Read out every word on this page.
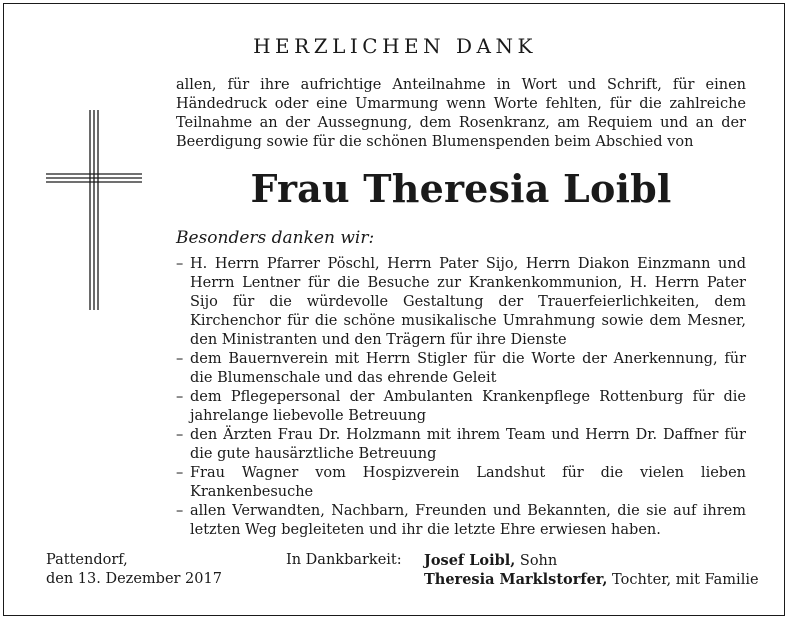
HERZLICHEN DANK
allen, für ihre aufrichtige Anteilnahme in Wort und Schrift, für einen Händedruck oder eine Umarmung wenn Worte fehlten, für die zahlreiche Teilnahme an der Aussegnung, dem Rosenkranz, am Requiem und an der Beerdigung sowie für die schönen Blumenspenden beim Abschied von
Frau Theresia Loibl
Besonders danken wir:
– H. Herrn Pfarrer Pöschl, Herrn Pater Sijo, Herrn Diakon Einzmann und Herrn Lentner für die Besuche zur Krankenkommunion, H. Herrn Pater Sijo für die würdevolle Gestaltung der Trauerfeierlichkeiten, dem Kirchenchor für die schöne musikalische Umrahmung sowie dem Mesner, den Ministranten und den Trägern für ihre Dienste
– dem Bauernverein mit Herrn Stigler für die Worte der Anerkennung, für die Blumenschale und das ehrende Geleit
– dem Pflegepersonal der Ambulanten Krankenpflege Rottenburg für die jahrelange liebevolle Betreuung
– den Ärzten Frau Dr. Holzmann mit ihrem Team und Herrn Dr. Daffner für die gute hausärztliche Betreuung
– Frau Wagner vom Hospizverein Landshut für die vielen lieben Krankenbesuche
– allen Verwandten, Nachbarn, Freunden und Bekannten, die sie auf ihrem letzten Weg begleiteten und ihr die letzte Ehre erwiesen haben.
Pattendorf,
den 13. Dezember 2017
In Dankbarkeit: Josef Loibl, Sohn
Theresia Marklstorfer, Tochter, mit Familie
